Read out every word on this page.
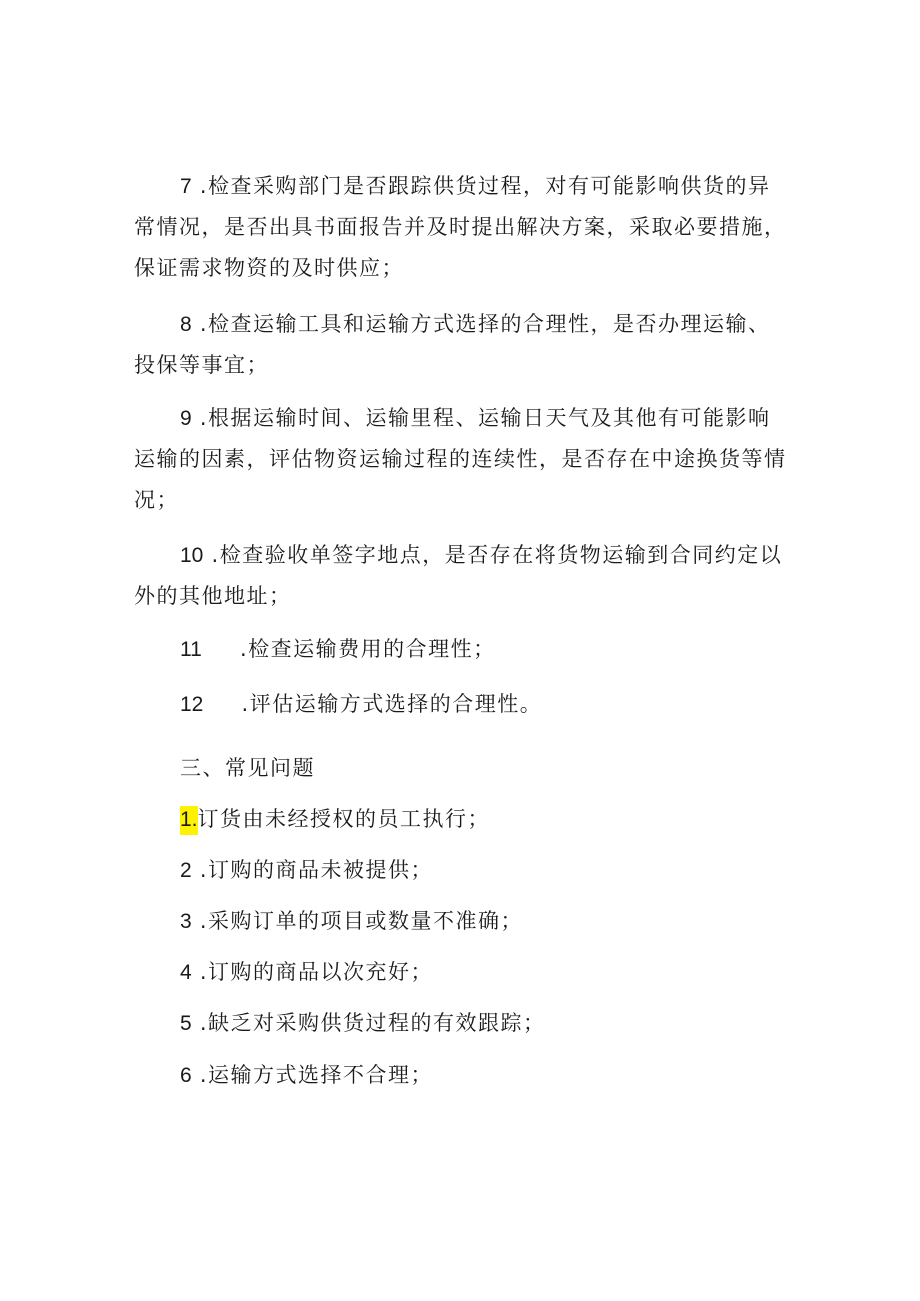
7 .检查采购部门是否跟踪供货过程，对有可能影响供货的异
常情况，是否出具书面报告并及时提出解决方案，采取必要措施，
保证需求物资的及时供应；
8 .检查运输工具和运输方式选择的合理性，是否办理运输、
投保等事宜；
9 .根据运输时间、运输里程、运输日天气及其他有可能影响
运输的因素，评估物资运输过程的连续性，是否存在中途换货等情
况；
10 .检查验收单签字地点，是否存在将货物运输到合同约定以
外的其他地址；
11 .检查运输费用的合理性；
12 .评估运输方式选择的合理性。
三、常见问题
1.订货由未经授权的员工执行；
2 .订购的商品未被提供；
3 .采购订单的项目或数量不准确；
4 .订购的商品以次充好；
5 .缺乏对采购供货过程的有效跟踪；
6 .运输方式选择不合理；
